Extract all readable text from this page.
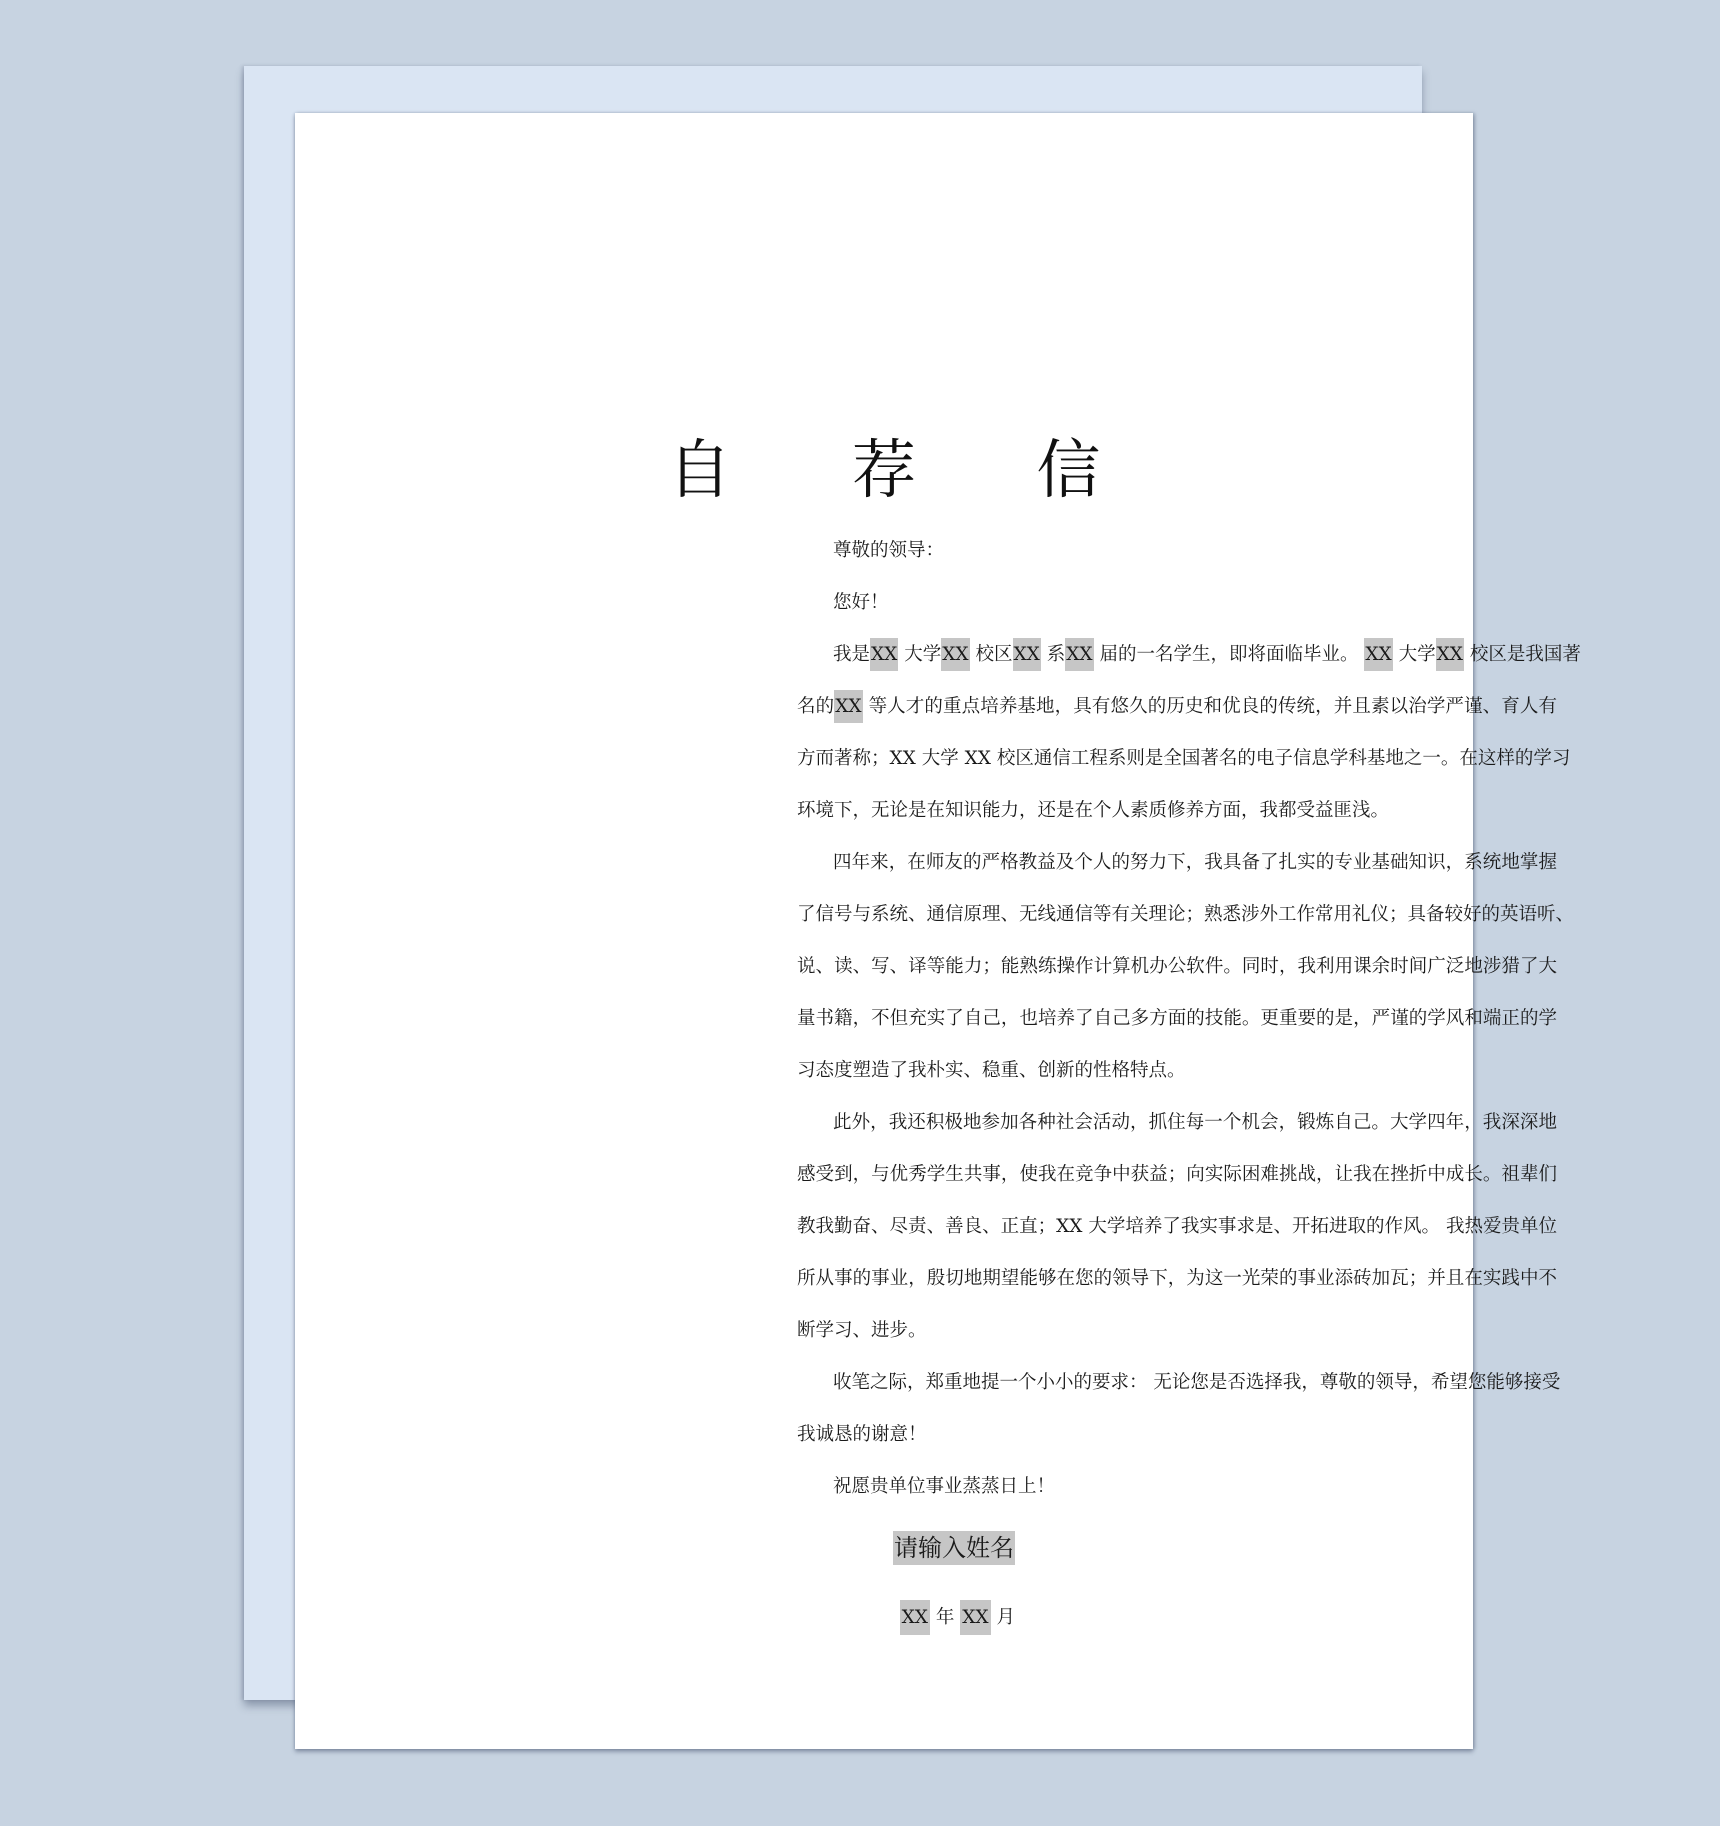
自 荐 信
尊敬的领导：
您好！
我是XX 大学XX 校区XX 系XX 届的一名学生，即将面临毕业。 XX 大学XX 校区是我国著
名的XX 等人才的重点培养基地，具有悠久的历史和优良的传统，并且素以治学严谨、育人有
方而著称；XX 大学 XX 校区通信工程系则是全国著名的电子信息学科基地之一。在这样的学习
环境下，无论是在知识能力，还是在个人素质修养方面，我都受益匪浅。
四年来，在师友的严格教益及个人的努力下，我具备了扎实的专业基础知识，系统地掌握
了信号与系统、通信原理、无线通信等有关理论；熟悉涉外工作常用礼仪；具备较好的英语听、
说、读、写、译等能力；能熟练操作计算机办公软件。同时，我利用课余时间广泛地涉猎了大
量书籍，不但充实了自己，也培养了自己多方面的技能。更重要的是，严谨的学风和端正的学
习态度塑造了我朴实、稳重、创新的性格特点。
此外，我还积极地参加各种社会活动，抓住每一个机会，锻炼自己。大学四年，我深深地
感受到，与优秀学生共事，使我在竞争中获益；向实际困难挑战，让我在挫折中成长。祖辈们
教我勤奋、尽责、善良、正直；XX 大学培养了我实事求是、开拓进取的作风。 我热爱贵单位
所从事的事业，殷切地期望能够在您的领导下，为这一光荣的事业添砖加瓦；并且在实践中不
断学习、进步。
收笔之际，郑重地提一个小小的要求： 无论您是否选择我，尊敬的领导，希望您能够接受
我诚恳的谢意！
祝愿贵单位事业蒸蒸日上！
请输入姓名
XX 年 XX 月
